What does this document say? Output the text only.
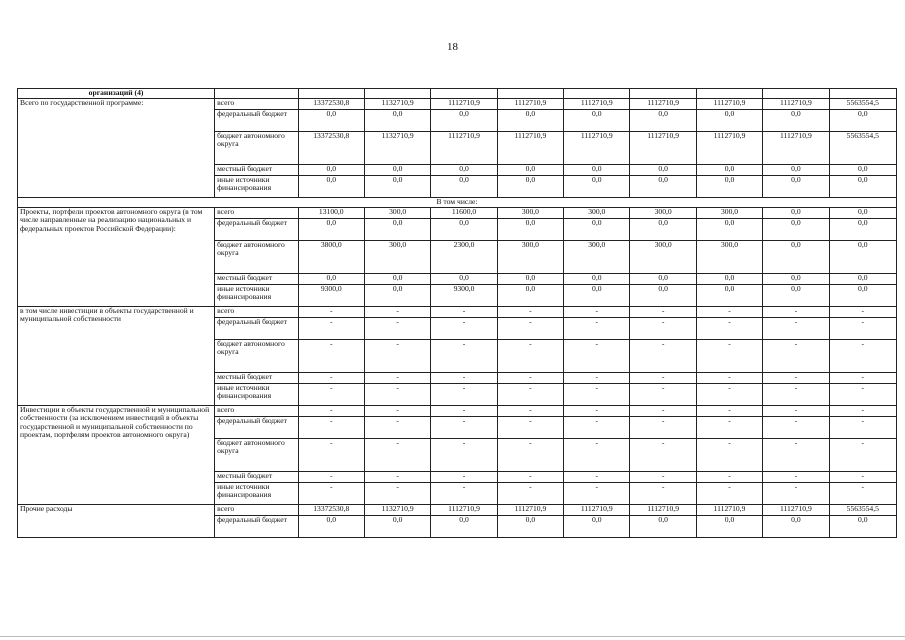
18
организаций (4)										
Всего по государственной программе:	всего	13372530,8	1132710,9	1112710,9	1112710,9	1112710,9	1112710,9	1112710,9	1112710,9	5563554,5
	федеральный бюджет	0,0	0,0	0,0	0,0	0,0	0,0	0,0	0,0	0,0
	бюджет автономного округа	13372530,8	1132710,9	1112710,9	1112710,9	1112710,9	1112710,9	1112710,9	1112710,9	5563554,5
	местный бюджет	0,0	0,0	0,0	0,0	0,0	0,0	0,0	0,0	0,0
	иные источники финансирования	0,0	0,0	0,0	0,0	0,0	0,0	0,0	0,0	0,0
В том числе:										
Проекты, портфели проектов автономного округа (в том числе направленные на реализацию национальных и федеральных проектов Российской Федерации):	всего	13100,0	300,0	11600,0	300,0	300,0	300,0	300,0	0,0	0,0
	федеральный бюджет	0,0	0,0	0,0	0,0	0,0	0,0	0,0	0,0	0,0
	бюджет автономного округа	3800,0	300,0	2300,0	300,0	300,0	300,0	300,0	0,0	0,0
	местный бюджет	0,0	0,0	0,0	0,0	0,0	0,0	0,0	0,0	0,0
	иные источники финансирования	9300,0	0,0	9300,0	0,0	0,0	0,0	0,0	0,0	0,0
в том числе инвестиции в объекты государственной и муниципальной собственности	всего	-	-	-	-	-	-	-	-	-
	федеральный бюджет	-	-	-	-	-	-	-	-	-
	бюджет автономного округа	-	-	-	-	-	-	-	-	-
	местный бюджет	-	-	-	-	-	-	-	-	-
	иные источники финансирования	-	-	-	-	-	-	-	-	-
Инвестиции в объекты государственной и муниципальной собственности (за исключением инвестиций в объекты государственной и муниципальной собственности по проектам, портфелям проектов автономного округа)	всего	-	-	-	-	-	-	-	-	-
	федеральный бюджет	-	-	-	-	-	-	-	-	-
	бюджет автономного округа	-	-	-	-	-	-	-	-	-
	местный бюджет	-	-	-	-	-	-	-	-	-
	иные источники финансирования	-	-	-	-	-	-	-	-	-
Прочие расходы	всего	13372530,8	1132710,9	1112710,9	1112710,9	1112710,9	1112710,9	1112710,9	1112710,9	5563554,5
	федеральный бюджет	0,0	0,0	0,0	0,0	0,0	0,0	0,0	0,0	0,0
